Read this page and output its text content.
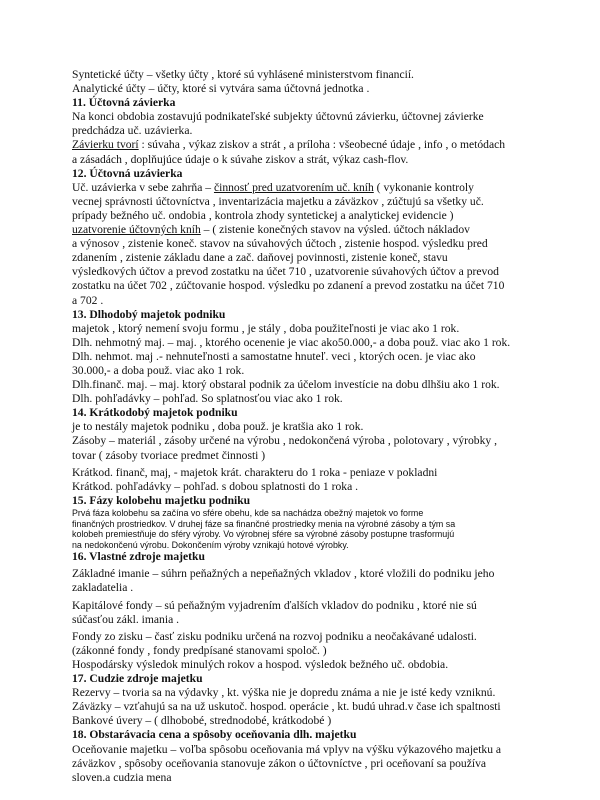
Syntetické účty – všetky účty , ktoré sú vyhlásené ministerstvom financií.

Analytické účty – účty, ktoré si vytvára sama účtovná jednotka .

11. Účtovná závierka

Na konci obdobia zostavujú podnikateľské subjekty účtovnú závierku, účtovnej závierke

predchádza uč. uzávierka.

Závierku tvorí : súvaha , výkaz ziskov a strát , a príloha : všeobecné údaje , info , o metódach

a zásadách , doplňujúce údaje o k súvahe ziskov a strát, výkaz cash-flov.

12. Účtovná uzávierka

Uč. uzávierka v sebe zahrňa – činnosť pred uzatvorením uč. kníh ( vykonanie kontroly

vecnej správnosti účtovníctva , inventarizácia majetku a záväzkov , zúčtujú sa všetky uč.

prípady bežného uč. ondobia , kontrola zhody syntetickej a analytickej evidencie )

uzatvorenie účtovných kníh – ( zistenie konečných stavov na výsled. účtoch nákladov

a výnosov , zistenie koneč. stavov na súvahových účtoch , zistenie hospod. výsledku pred

zdanením , zistenie základu dane a zač. daňovej povinnosti, zistenie koneč, stavu

výsledkových účtov a prevod zostatku na účet 710 , uzatvorenie súvahových účtov a prevod

zostatku na účet 702 , zúčtovanie hospod. výsledku po zdanení a prevod zostatku na účet 710

a 702 .

13. Dlhodobý majetok podniku

majetok , ktorý nemení svoju formu , je stály , doba použiteľnosti je viac ako 1 rok.

Dlh. nehmotný maj. – maj. , ktorého ocenenie je viac ako50.000,- a doba použ. viac ako 1 rok.

Dlh. nehmot. maj .- nehnuteľnosti a samostatne hnuteľ. veci , ktorých ocen. je viac ako

30.000,- a doba použ. viac ako 1 rok.

Dlh.finanč. maj. – maj. ktorý obstaral podnik za účelom investície na dobu dlhšiu ako 1 rok.

Dlh. pohľadávky – pohľad. So splatnosťou viac ako 1 rok.

14. Krátkodobý majetok podniku

je to nestály majetok podniku , doba použ. je kratšia ako 1 rok.

Zásoby – materiál , zásoby určené na výrobu , nedokončená výroba , polotovary , výrobky ,

tovar ( zásoby tvoriace predmet činnosti )

Krátkod. finanč, maj, - majetok krát. charakteru do 1 roka - peniaze v pokladni

Krátkod. pohľadávky – pohľad. s dobou splatnosti do 1 roka .

15. Fázy kolobehu majetku podniku

Prvá fáza kolobehu sa začína vo sfére obehu, kde sa nachádza obežný majetok vo forme

finančných prostriedkov. V druhej fáze sa finančné prostriedky menia na výrobné zásoby a tým sa

kolobeh premiestňuje do sféry výroby. Vo výrobnej sfére sa výrobné zásoby postupne trasformujú

na nedokončenú výrobu. Dokončením výroby vznikajú hotové výrobky.

16. Vlastné zdroje majetku

Základné imanie – súhrn peňažných a nepeňažných vkladov , ktoré vložili do podniku jeho

zakladatelia .

Kapitálové fondy – sú peňažným vyjadrením ďalších vkladov do podniku , ktoré nie sú

súčasťou zákl. imania .

Fondy zo zisku – časť zisku podniku určená na rozvoj podniku a neočakávané udalosti.

(zákonné fondy , fondy predpísané stanovami spoloč. )

Hospodársky výsledok minulých rokov a hospod. výsledok bežného uč. obdobia.

17. Cudzie zdroje majetku

Rezervy – tvoria sa na výdavky , kt. výška nie je dopredu známa a nie je isté kedy vzniknú.

Záväzky – vzťahujú sa na už uskutoč. hospod. operácie , kt. budú uhrad.v čase ich spaltnosti

Bankové úvery – ( dlhobobé, strednodobé, krátkodobé )

18. Obstarávacia cena a spôsoby oceňovania dlh. majetku

Oceňovanie majetku – voľba spôsobu oceňovania má vplyv na výšku výkazového majetku a

záväzkov , spôsoby oceňovania stanovuje zákon o účtovníctve , pri oceňovaní sa používa

sloven.a cudzia mena
